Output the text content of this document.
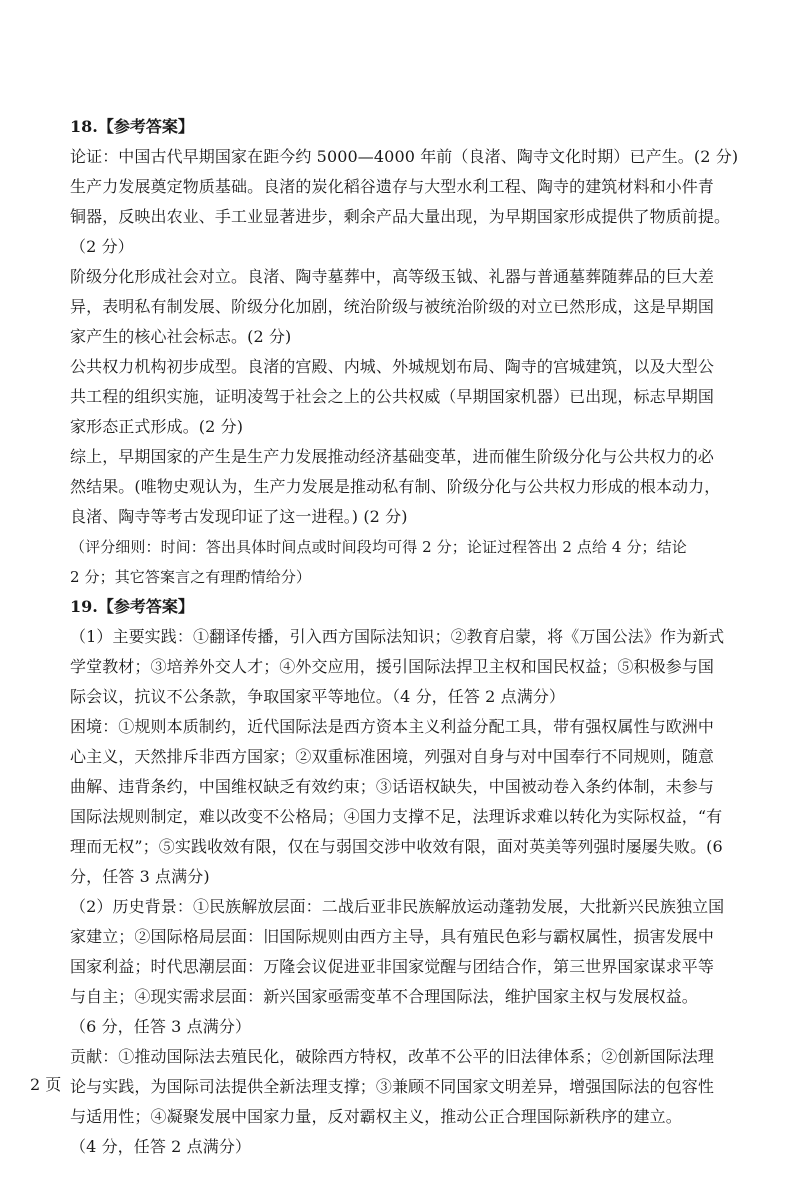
18.【参考答案】
论证：中国古代早期国家在距今约 5000—4000 年前（良渚、陶寺文化时期）已产生。(2 分)
生产力发展奠定物质基础。良渚的炭化稻谷遗存与大型水利工程、陶寺的建筑材料和小件青
铜器，反映出农业、手工业显著进步，剩余产品大量出现，为早期国家形成提供了物质前提。
（2 分）
阶级分化形成社会对立。良渚、陶寺墓葬中，高等级玉钺、礼器与普通墓葬随葬品的巨大差
异，表明私有制发展、阶级分化加剧，统治阶级与被统治阶级的对立已然形成，这是早期国
家产生的核心社会标志。(2 分)
公共权力机构初步成型。良渚的宫殿、内城、外城规划布局、陶寺的宫城建筑，以及大型公
共工程的组织实施，证明凌驾于社会之上的公共权威（早期国家机器）已出现，标志早期国
家形态正式形成。(2 分)
综上，早期国家的产生是生产力发展推动经济基础变革，进而催生阶级分化与公共权力的必
然结果。(唯物史观认为，生产力发展是推动私有制、阶级分化与公共权力形成的根本动力，
良渚、陶寺等考古发现印证了这一进程。) (2 分)
（评分细则：时间：答出具体时间点或时间段均可得 2 分；论证过程答出 2 点给 4 分；结论
2 分；其它答案言之有理酌情给分）
19.【参考答案】
（1）主要实践：①翻译传播，引入西方国际法知识；②教育启蒙，将《万国公法》作为新式
学堂教材；③培养外交人才；④外交应用，援引国际法捍卫主权和国民权益；⑤积极参与国
际会议，抗议不公条款，争取国家平等地位。（4 分，任答 2 点满分）
困境：①规则本质制约，近代国际法是西方资本主义利益分配工具，带有强权属性与欧洲中
心主义，天然排斥非西方国家；②双重标准困境，列强对自身与对中国奉行不同规则，随意
曲解、违背条约，中国维权缺乏有效约束；③话语权缺失，中国被动卷入条约体制，未参与
国际法规则制定，难以改变不公格局；④国力支撑不足，法理诉求难以转化为实际权益，“有
理而无权”；⑤实践收效有限，仅在与弱国交涉中收效有限，面对英美等列强时屡屡失败。(6
分，任答 3 点满分)
（2）历史背景：①民族解放层面：二战后亚非民族解放运动蓬勃发展，大批新兴民族独立国
家建立；②国际格局层面：旧国际规则由西方主导，具有殖民色彩与霸权属性，损害发展中
国家利益；时代思潮层面：万隆会议促进亚非国家觉醒与团结合作，第三世界国家谋求平等
与自主；④现实需求层面：新兴国家亟需变革不合理国际法，维护国家主权与发展权益。
（6 分，任答 3 点满分）
贡献：①推动国际法去殖民化，破除西方特权，改革不公平的旧法律体系；②创新国际法理
论与实践，为国际司法提供全新法理支撑；③兼顾不同国家文明差异，增强国际法的包容性
与适用性；④凝聚发展中国家力量，反对霸权主义，推动公正合理国际新秩序的建立。
（4 分，任答 2 点满分）
2 页
